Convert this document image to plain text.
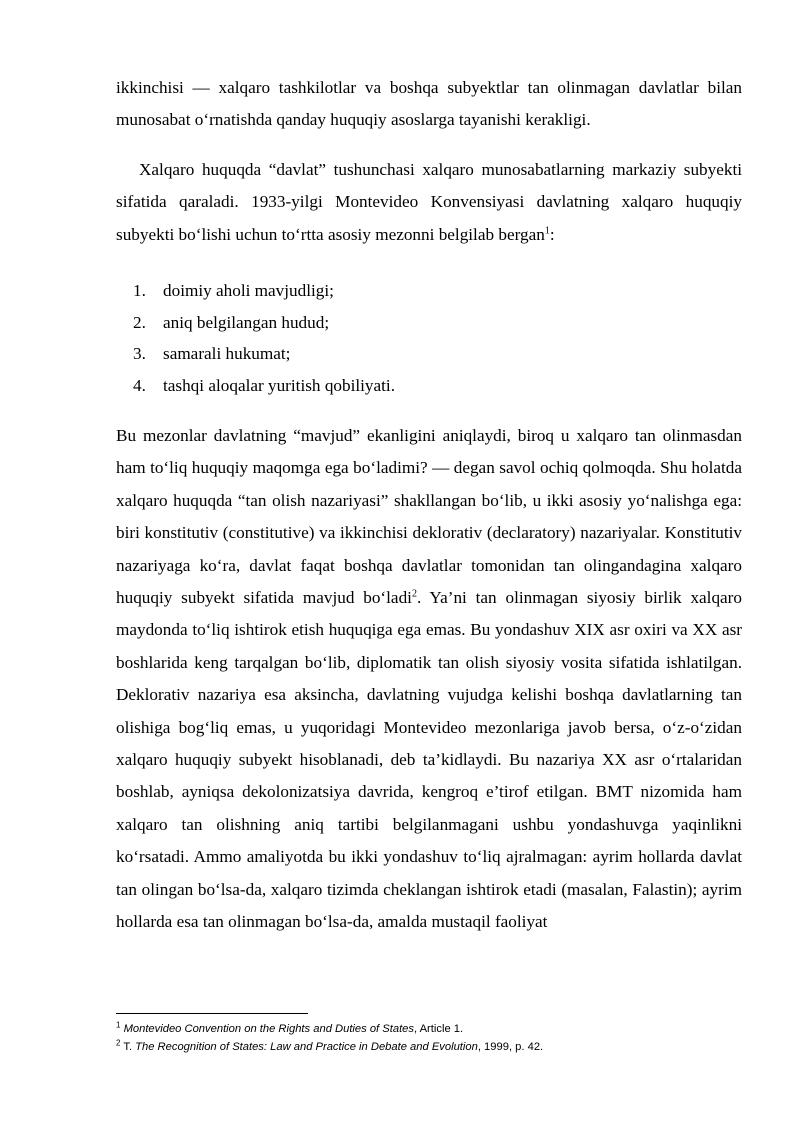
ikkinchisi — xalqaro tashkilotlar va boshqa subyektlar tan olinmagan davlatlar bilan munosabat oʻrnatishda qanday huquqiy asoslarga tayanishi kerakligi.

Xalqaro huquqda “davlat” tushunchasi xalqaro munosabatlarning markaziy subyekti sifatida qaraladi. 1933-yilgi Montevideo Konvensiyasi davlatning xalqaro huquqiy subyekti boʻlishi uchun toʻrtta asosiy mezonni belgilab bergan$^1$:

1. doimiy aholi mavjudligi;
2. aniq belgilangan hudud;
3. samarali hukumat;
4. tashqi aloqalar yuritish qobiliyati.

Bu mezonlar davlatning “mavjud” ekanligini aniqlaydi, biroq u xalqaro tan olinmasdan ham toʻliq huquqiy maqomga ega boʻladimi? — degan savol ochiq qolmoqda. Shu holatda xalqaro huquqda “tan olish nazariyasi” shakllangan boʻlib, u ikki asosiy yoʻnalishga ega: biri konstitutiv (constitutive) va ikkinchisi deklorativ (declaratory) nazariyalar. Konstitutiv nazariyaga koʻra, davlat faqat boshqa davlatlar tomonidan tan olingandagina xalqaro huquqiy subyekt sifatida mavjud boʻladi$^2$. Ya’ni tan olinmagan siyosiy birlik xalqaro maydonda toʻliq ishtirok etish huquqiga ega emas. Bu yondashuv XIX asr oxiri va XX asr boshlarida keng tarqalgan boʻlib, diplomatik tan olish siyosiy vosita sifatida ishlatilgan. Deklorativ nazariya esa aksincha, davlatning vujudga kelishi boshqa davlatlarning tan olishiga bogʻliq emas, u yuqoridagi Montevideo mezonlariga javob bersa, oʻz-oʻzidan xalqaro huquqiy subyekt hisoblanadi, deb ta’kidlaydi. Bu nazariya XX asr oʻrtalaridan boshlab, ayniqsa dekolonizatsiya davrida, kengroq e’tirof etilgan. BMT nizomida ham xalqaro tan olishning aniq tartibi belgilanmagani ushbu yondashuvga yaqinlikni koʻrsatadi. Ammo amaliyotda bu ikki yondashuv toʻliq ajralmagan: ayrim hollarda davlat tan olingan boʻlsa-da, xalqaro tizimda cheklangan ishtirok etadi (masalan, Falastin); ayrim hollarda esa tan olinmagan boʻlsa-da, amalda mustaqil faoliyat

$^1$ Montevideo Convention on the Rights and Duties of States, Article 1.

$^2$ T. The Recognition of States: Law and Practice in Debate and Evolution, 1999, p. 42.
